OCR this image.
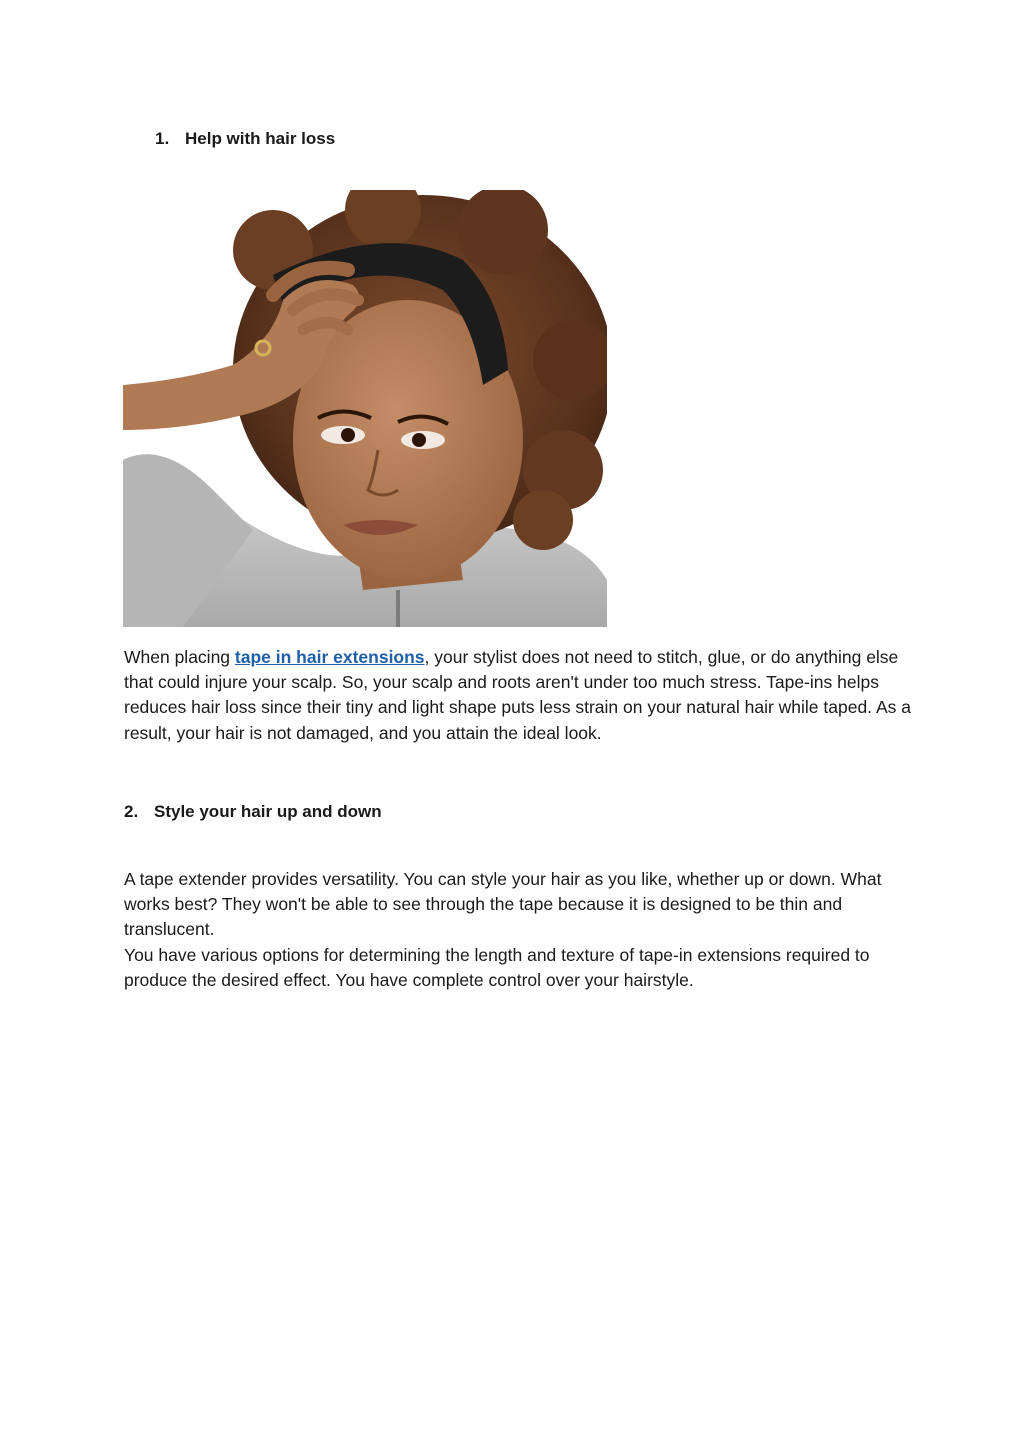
1. Help with hair loss

When placing tape in hair extensions, your stylist does not need to stitch, glue, or do anything else that could injure your scalp. So, your scalp and roots aren't under too much stress. Tape-ins helps reduces hair loss since their tiny and light shape puts less strain on your natural hair while taped. As a result, your hair is not damaged, and you attain the ideal look.

2. Style your hair up and down

A tape extender provides versatility. You can style your hair as you like, whether up or down. What works best? They won't be able to see through the tape because it is designed to be thin and translucent.

You have various options for determining the length and texture of tape-in extensions required to produce the desired effect. You have complete control over your hairstyle.
